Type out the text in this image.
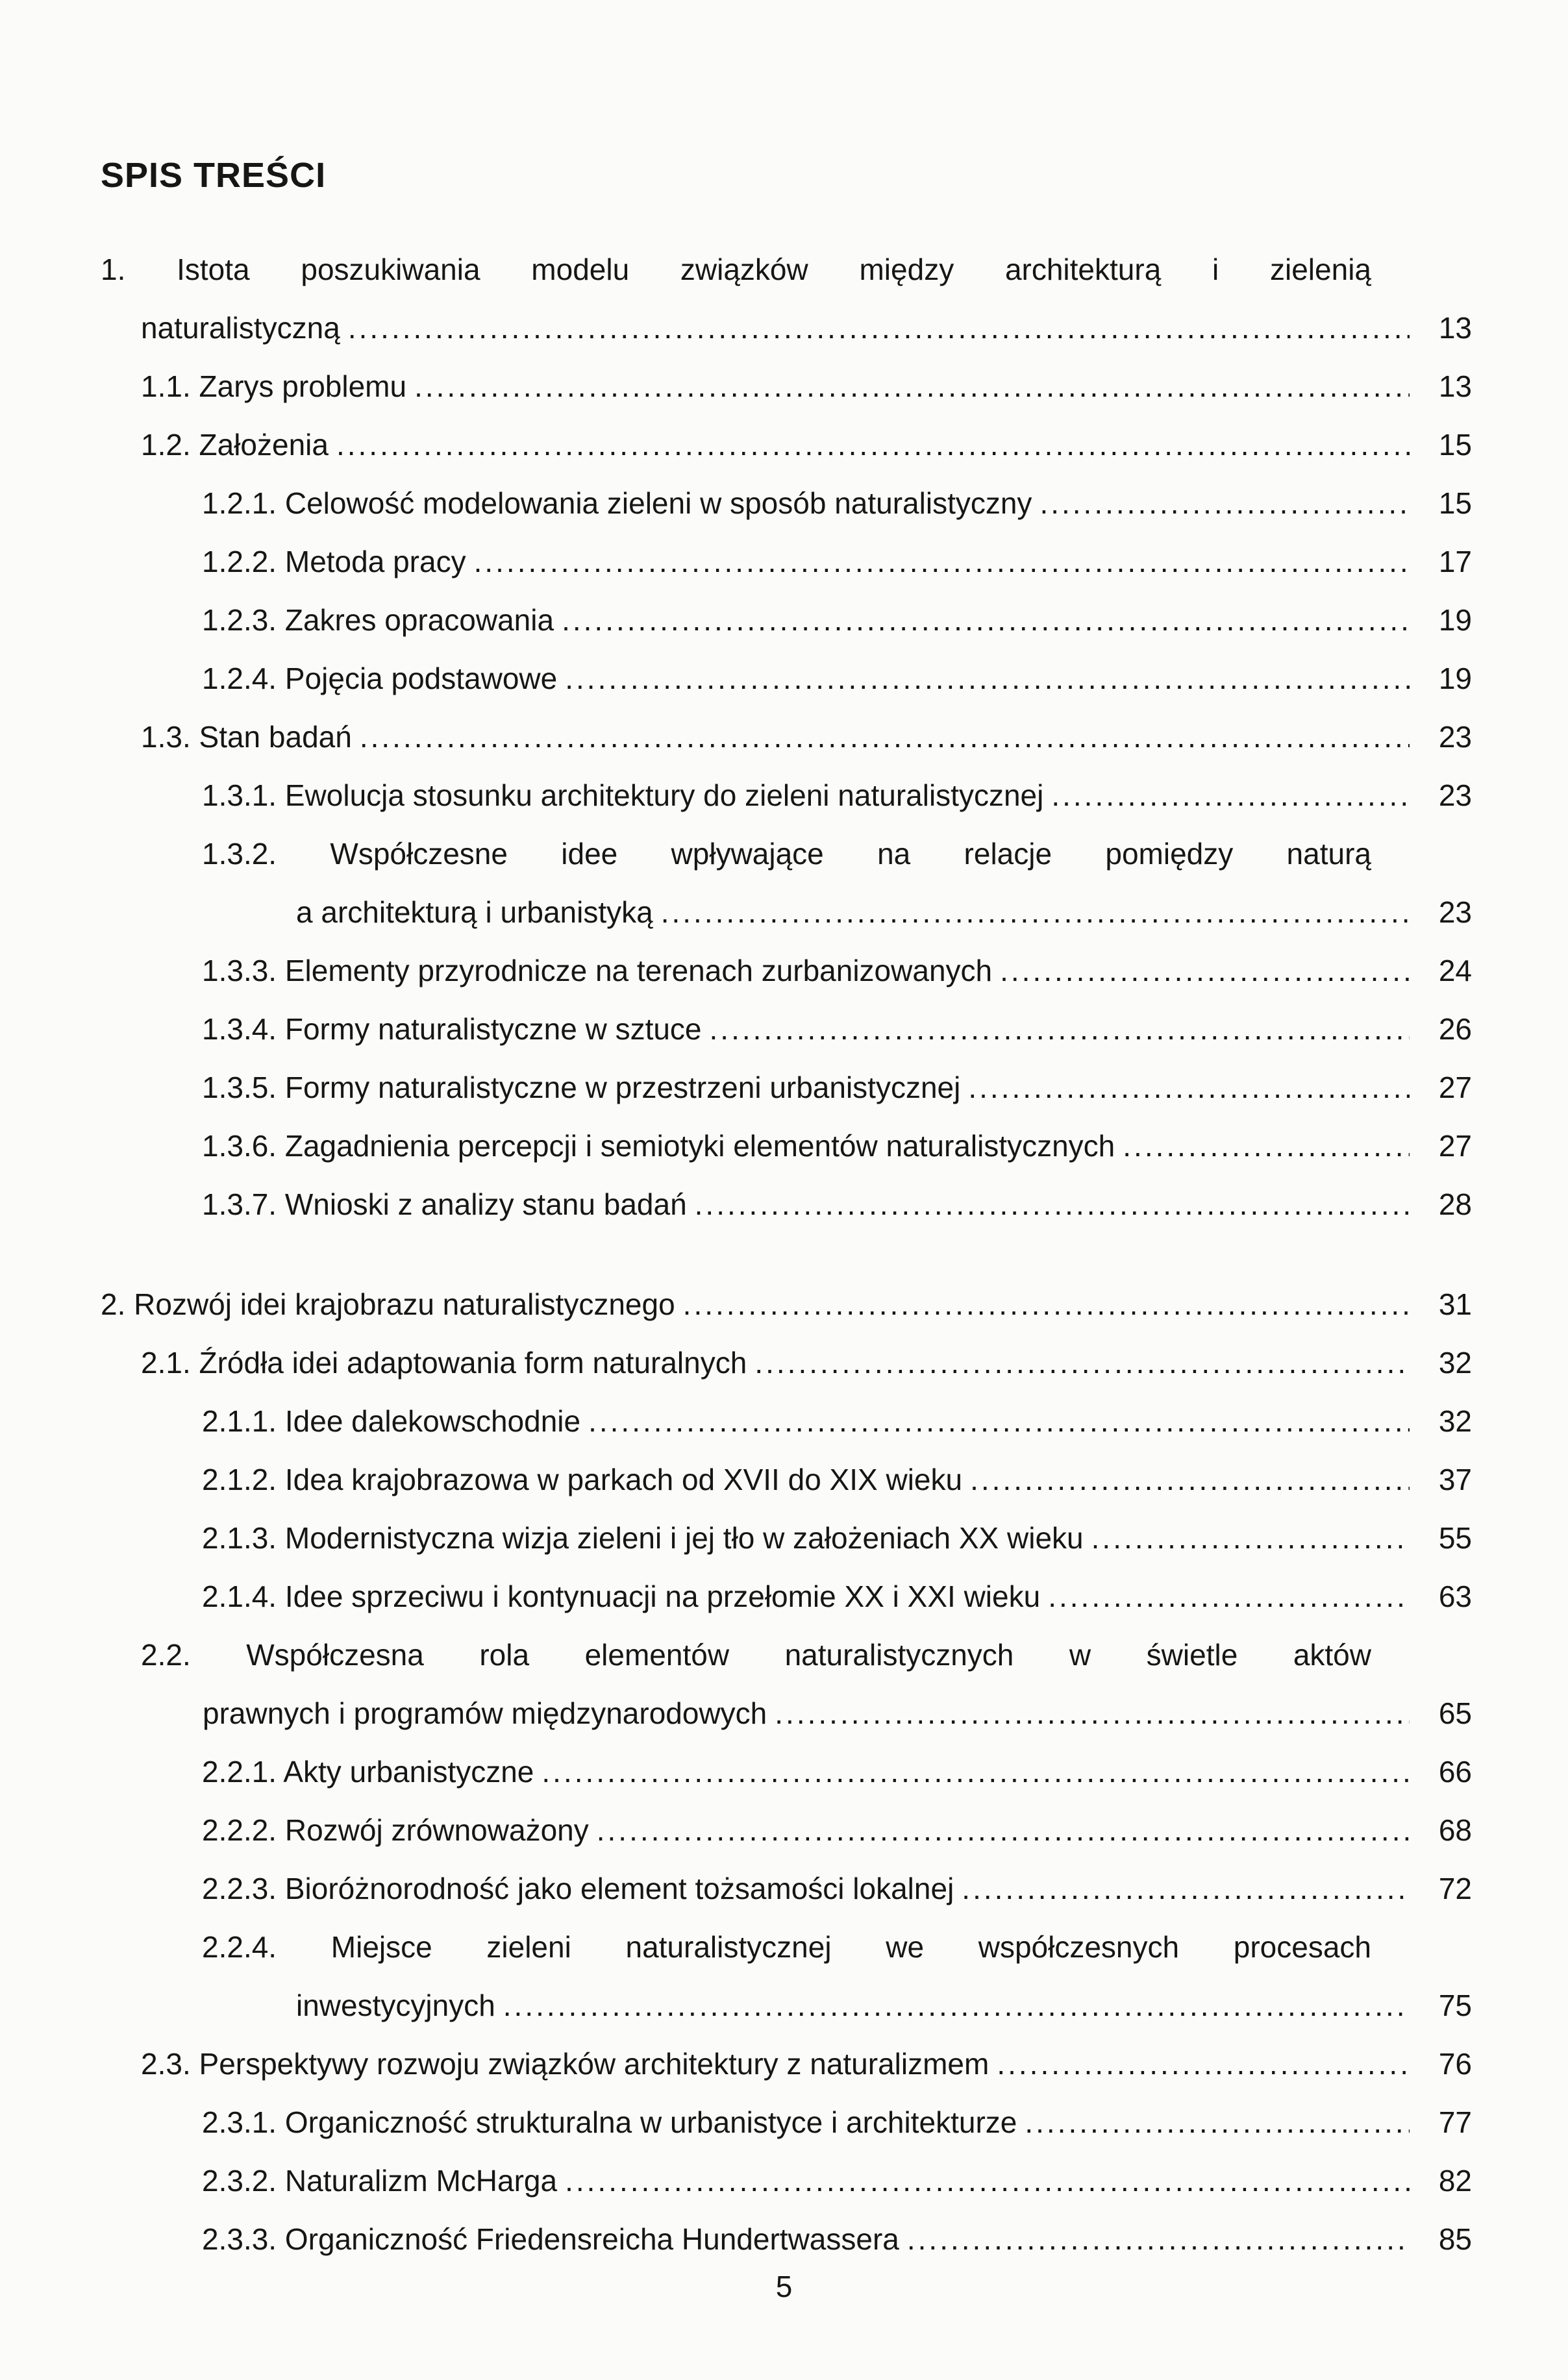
SPIS TREŚCI
1. Istota poszukiwania modelu związków między architekturą i zielenią
naturalistyczną .....	13
1.1. Zarys problemu .....	13
1.2. Założenia .....	15
1.2.1. Celowość modelowania zieleni w sposób naturalistyczny .....	15
1.2.2. Metoda pracy .....	17
1.2.3. Zakres opracowania .....	19
1.2.4. Pojęcia podstawowe .....	19
1.3. Stan badań .....	23
1.3.1. Ewolucja stosunku architektury do zieleni naturalistycznej .....	23
1.3.2. Współczesne idee wpływające na relacje pomiędzy naturą
a architekturą i urbanistyką .....	23
1.3.3. Elementy przyrodnicze na terenach zurbanizowanych .....	24
1.3.4. Formy naturalistyczne w sztuce .....	26
1.3.5. Formy naturalistyczne w przestrzeni urbanistycznej .....	27
1.3.6. Zagadnienia percepcji i semiotyki elementów naturalistycznych .....	27
1.3.7. Wnioski z analizy stanu badań .....	28
2. Rozwój idei krajobrazu naturalistycznego .....	31
2.1. Źródła idei adaptowania form naturalnych .....	32
2.1.1. Idee dalekowschodnie .....	32
2.1.2. Idea krajobrazowa w parkach od XVII do XIX wieku .....	37
2.1.3. Modernistyczna wizja zieleni i jej tło w założeniach XX wieku .....	55
2.1.4. Idee sprzeciwu i kontynuacji na przełomie XX i XXI wieku .....	63
2.2. Współczesna rola elementów naturalistycznych w świetle aktów
prawnych i programów międzynarodowych .....	65
2.2.1. Akty urbanistyczne .....	66
2.2.2. Rozwój zrównoważony .....	68
2.2.3. Bioróżnorodność jako element tożsamości lokalnej .....	72
2.2.4. Miejsce zieleni naturalistycznej we współczesnych procesach
inwestycyjnych .....	75
2.3. Perspektywy rozwoju związków architektury z naturalizmem .....	76
2.3.1. Organiczność strukturalna w urbanistyce i architekturze .....	77
2.3.2. Naturalizm McHarga .....	82
2.3.3. Organiczność Friedensreicha Hundertwassera .....	85
5
